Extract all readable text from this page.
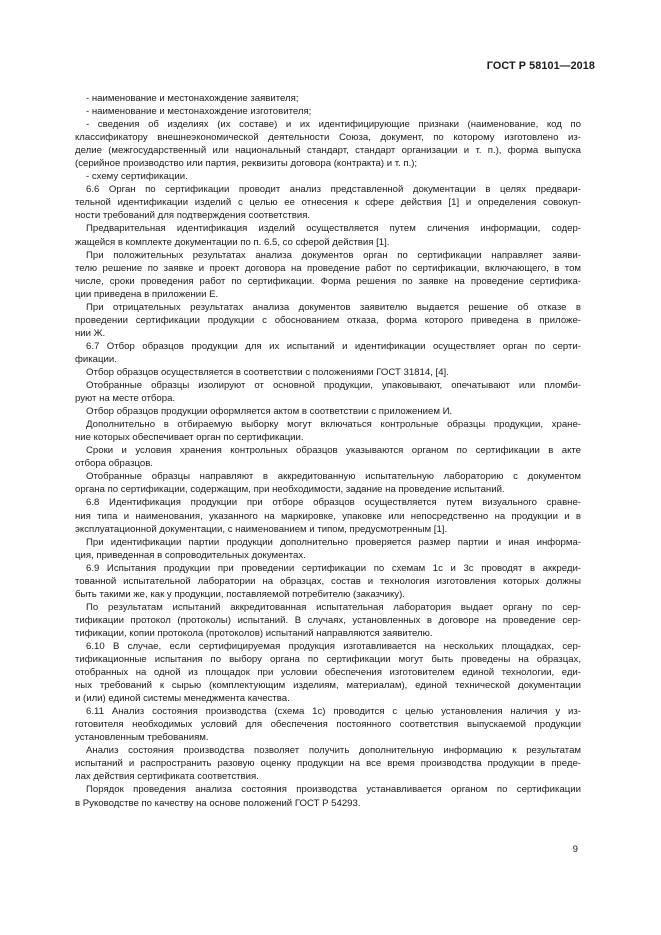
ГОСТ Р 58101—2018
- наименование и местонахождение заявителя;
- наименование и местонахождение изготовителя;
- сведения об изделиях (их составе) и их идентифицирующие признаки (наименование, код по
классификатору внешнеэкономической деятельности Союза, документ, по которому изготовлено из-
делие (межгосударственный или национальный стандарт, стандарт организации и т. п.), форма выпуска
(серийное производство или партия, реквизиты договора (контракта) и т. п.);
- схему сертификации.
6.6 Орган по сертификации проводит анализ представленной документации в целях предвари-
тельной идентификации изделий с целью ее отнесения к сфере действия [1] и определения совокуп-
ности требований для подтверждения соответствия.
Предварительная идентификация изделий осуществляется путем сличения информации, содер-
жащейся в комплекте документации по п. 6.5, со сферой действия [1].
При положительных результатах анализа документов орган по сертификации направляет заяви-
телю решение по заявке и проект договора на проведение работ по сертификации, включающего, в том
числе, сроки проведения работ по сертификации. Форма решения по заявке на проведение сертифика-
ции приведена в приложении Е.
При отрицательных результатах анализа документов заявителю выдается решение об отказе в
проведении сертификации продукции с обоснованием отказа, форма которого приведена в приложе-
нии Ж.
6.7 Отбор образцов продукции для их испытаний и идентификации осуществляет орган по серти-
фикации.
Отбор образцов осуществляется в соответствии с положениями ГОСТ 31814, [4].
Отобранные образцы изолируют от основной продукции, упаковывают, опечатывают или пломби-
руют на месте отбора.
Отбор образцов продукции оформляется актом в соответствии с приложением И.
Дополнительно в отбираемую выборку могут включаться контрольные образцы продукции, хране-
ние которых обеспечивает орган по сертификации.
Сроки и условия хранения контрольных образцов указываются органом по сертификации в акте
отбора образцов.
Отобранные образцы направляют в аккредитованную испытательную лабораторию с документом
органа по сертификации, содержащим, при необходимости, задание на проведение испытаний.
6.8 Идентификация продукции при отборе образцов осуществляется путем визуального сравне-
ния типа и наименования, указанного на маркировке, упаковке или непосредственно на продукции и в
эксплуатационной документации, с наименованием и типом, предусмотренным [1].
При идентификации партии продукции дополнительно проверяется размер партии и иная информа-
ция, приведенная в сопроводительных документах.
6.9 Испытания продукции при проведении сертификации по схемам 1с и 3с проводят в аккреди-
тованной испытательной лаборатории на образцах, состав и технология изготовления которых должны
быть такими же, как у продукции, поставляемой потребителю (заказчику).
По результатам испытаний аккредитованная испытательная лаборатория выдает органу по сер-
тификации протокол (протоколы) испытаний. В случаях, установленных в договоре на проведение сер-
тификации, копии протокола (протоколов) испытаний направляются заявителю.
6.10 В случае, если сертифицируемая продукция изготавливается на нескольких площадках, сер-
тификационные испытания по выбору органа по сертификации могут быть проведены на образцах,
отобранных на одной из площадок при условии обеспечения изготовителем единой технологии, еди-
ных требований к сырью (комплектующим изделиям, материалам), единой технической документации
и (или) единой системы менеджмента качества.
6.11 Анализ состояния производства (схема 1с) проводится с целью установления наличия у из-
готовителя необходимых условий для обеспечения постоянного соответствия выпускаемой продукции
установленным требованиям.
Анализ состояния производства позволяет получить дополнительную информацию к результатам
испытаний и распространить разовую оценку продукции на все время производства продукции в преде-
лах действия сертификата соответствия.
Порядок проведения анализа состояния производства устанавливается органом по сертификации
в Руководстве по качеству на основе положений ГОСТ Р 54293.
9
